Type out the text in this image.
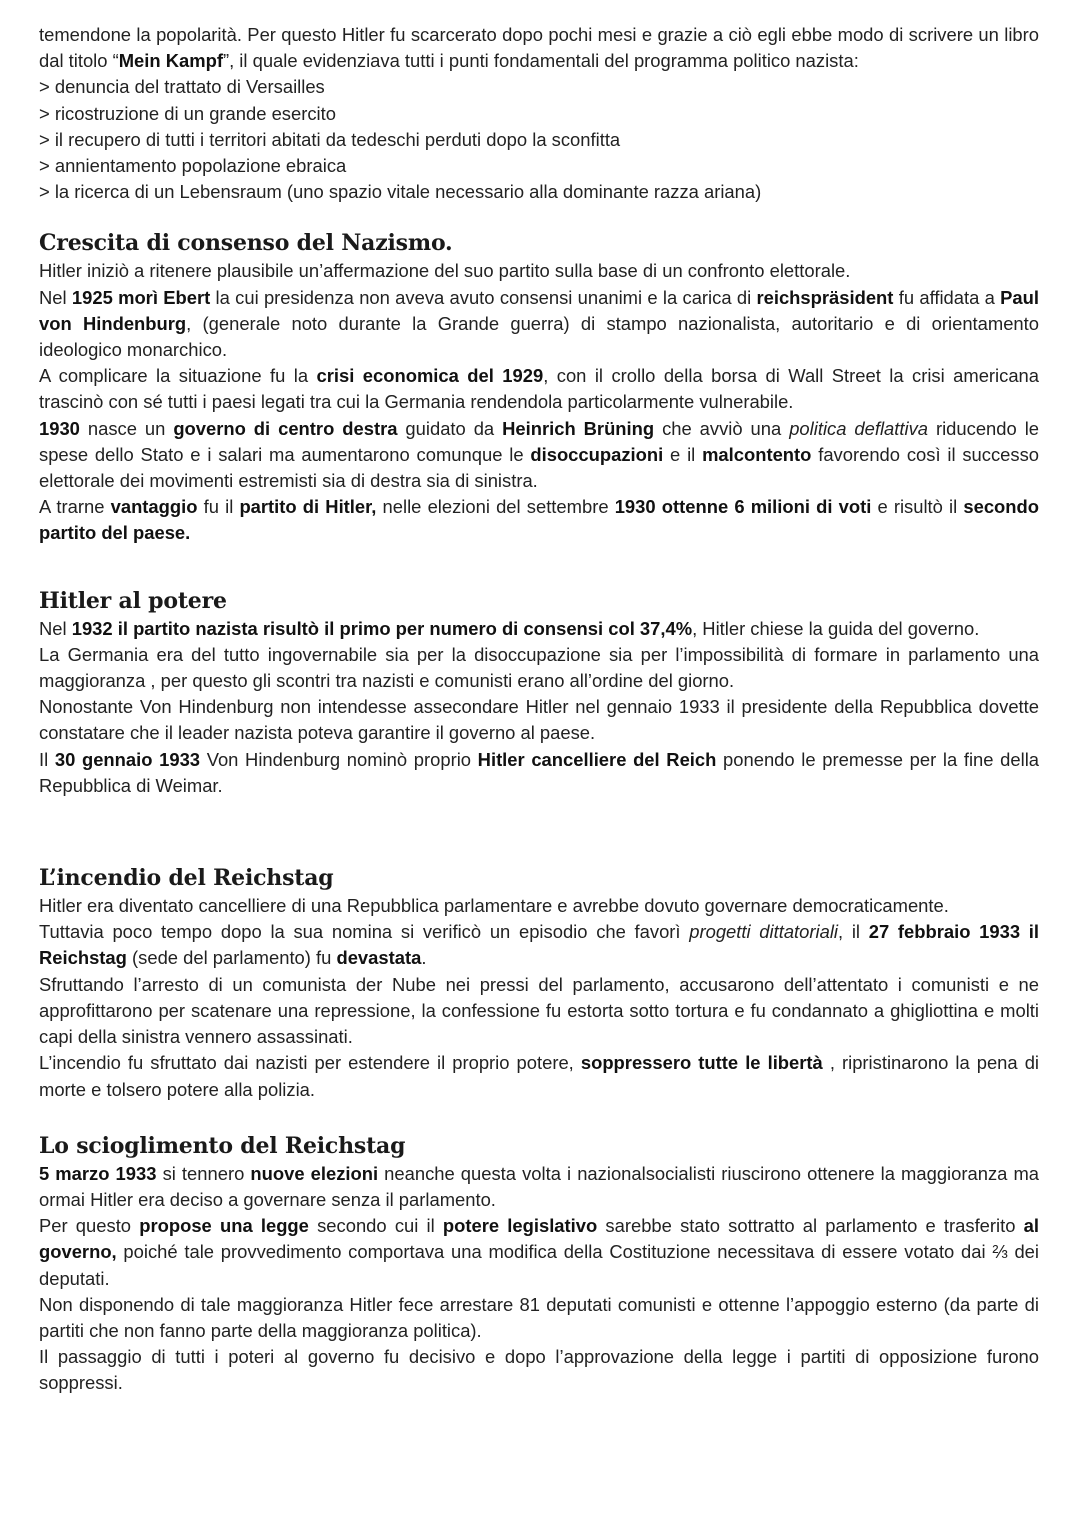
temendone la popolarità. Per questo Hitler fu scarcerato dopo pochi mesi e grazie a ciò egli ebbe modo di scrivere un libro dal titolo “Mein Kampf”, il quale evidenziava tutti i punti fondamentali del programma politico nazista:

> denuncia del trattato di Versailles
> ricostruzione di un grande esercito
> il recupero di tutti i territori abitati da tedeschi perduti dopo la sconfitta
> annientamento popolazione ebraica
> la ricerca di un Lebensraum (uno spazio vitale necessario alla dominante razza ariana)
Crescita di consenso del Nazismo.

Hitler iniziò a ritenere plausibile un’affermazione del suo partito sulla base di un confronto elettorale.

Nel 1925 morì Ebert la cui presidenza non aveva avuto consensi unanimi e la carica di reichspräsident fu affidata a Paul von Hindenburg, (generale noto durante la Grande guerra) di stampo nazionalista, autoritario e di orientamento ideologico monarchico.

A complicare la situazione fu la crisi economica del 1929, con il crollo della borsa di Wall Street la crisi americana trascinò con sé tutti i paesi legati tra cui la Germania rendendola particolarmente vulnerabile.

1930 nasce un governo di centro destra guidato da Heinrich Brüning che avviò una politica deflattiva riducendo le spese dello Stato e i salari ma aumentarono comunque le disoccupazioni e il malcontento favorendo così il successo elettorale dei movimenti estremisti sia di destra sia di sinistra.

A trarne vantaggio fu il partito di Hitler, nelle elezioni del settembre 1930 ottenne 6 milioni di voti e risultò il secondo partito del paese.

Hitler al potere

Nel 1932 il partito nazista risultò il primo per numero di consensi col 37,4%, Hitler chiese la guida del governo.

La Germania era del tutto ingovernabile sia per la disoccupazione sia per l’impossibilità di formare in parlamento una maggioranza , per questo gli scontri tra nazisti e comunisti erano all’ordine del giorno.

Nonostante Von Hindenburg non intendesse assecondare Hitler nel gennaio 1933 il presidente della Repubblica dovette constatare che il leader nazista poteva garantire il governo al paese.

Il 30 gennaio 1933 Von Hindenburg nominò proprio Hitler cancelliere del Reich ponendo le premesse per la fine della Repubblica di Weimar.

L’incendio del Reichstag

Hitler era diventato cancelliere di una Repubblica parlamentare e avrebbe dovuto governare democraticamente.

Tuttavia poco tempo dopo la sua nomina si verificò un episodio che favorì progetti dittatoriali, il 27 febbraio 1933 il Reichstag (sede del parlamento) fu devastata.

Sfruttando l’arresto di un comunista der Nube nei pressi del parlamento, accusarono dell’attentato i comunisti e ne approfittarono per scatenare una repressione, la confessione fu estorta sotto tortura e fu condannato a ghigliottina e molti capi della sinistra vennero assassinati.

L’incendio fu sfruttato dai nazisti per estendere il proprio potere, soppressero tutte le libertà , ripristinarono la pena di morte e tolsero potere alla polizia.

Lo scioglimento del Reichstag

5 marzo 1933 si tennero nuove elezioni neanche questa volta i nazionalsocialisti riuscirono ottenere la maggioranza ma ormai Hitler era deciso a governare senza il parlamento.

Per questo propose una legge secondo cui il potere legislativo sarebbe stato sottratto al parlamento e trasferito al governo, poiché tale provvedimento comportava una modifica della Costituzione necessitava di essere votato dai ⅔ dei deputati.

Non disponendo di tale maggioranza Hitler fece arrestare 81 deputati comunisti e ottenne l’appoggio esterno (da parte di partiti che non fanno parte della maggioranza politica).

Il passaggio di tutti i poteri al governo fu decisivo e dopo l’approvazione della legge i partiti di opposizione furono soppressi.
